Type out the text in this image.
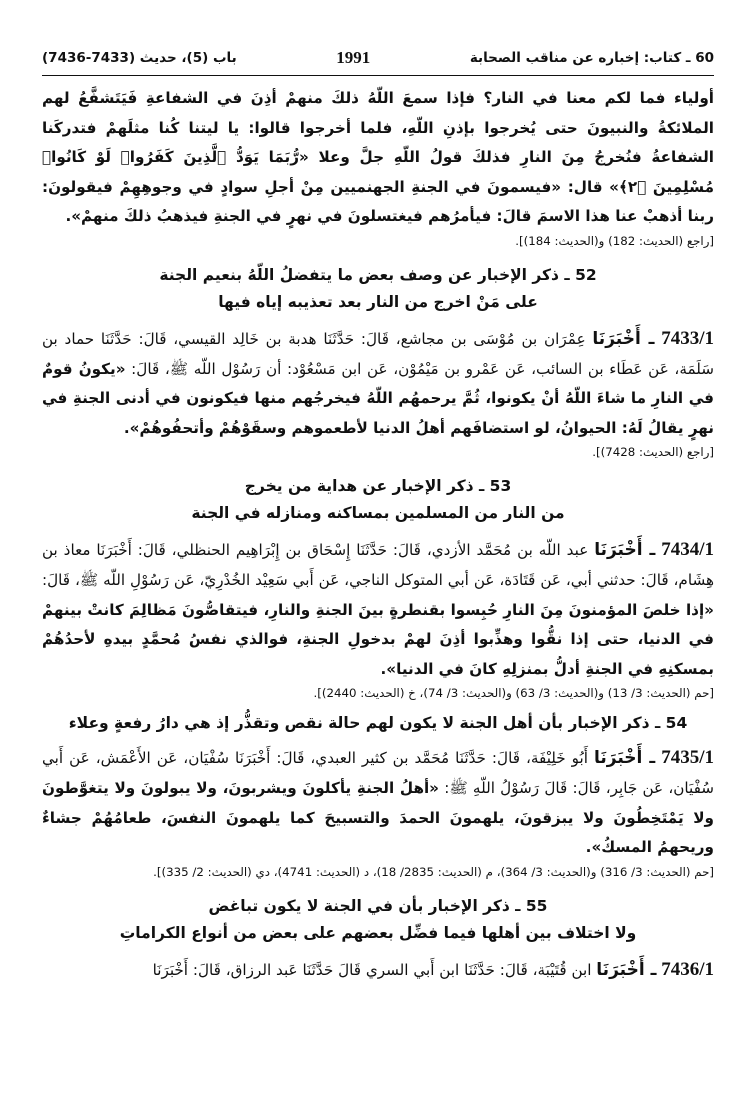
60 ـ كتاب: إخباره عن مناقب الصحابة
1991
باب (5)، حديث (7433-7436)

أولياء فما لكم معنا في النار؟ فإذا سمعَ اللّهُ ذلكَ منهمْ أذِنَ في الشفاعةِ فَيَتَشفَّعُ لهم الملائكةُ والنبيونَ حتى يُخرجوا بإذنِ اللّهِ، فلما أخرجوا قالوا: يا ليتنا كُنا مثلَهمْ فتدركَنا الشفاعةُ فنُخرجُ مِنَ النارِ فذلكَ قولُ اللّهِ جلَّ وعلا «رُّبَمَا يَوَدُّ ٱلَّذِينَ كَفَرُوا۟ لَوْ كَانُوا۟ مُسْلِمِينَ ﴿٢﴾» قال: «فيسمونَ في الجنةِ الجهنميين مِنْ أجلِ سوادٍ في وجوهِهِمْ فيقولونَ: ربنا أذهبْ عنا هذا الاسمَ قالَ: فيأمرُهم فيغتسلونَ في نهرٍ في الجنةِ فيذهبُ ذلكَ منهمْ».

[راجع (الحديث: 182) و(الحديث: 184)].

52 ـ ذكر الإخبار عن وصف بعض ما يتفضلُ اللّهُ بنعيم الجنة
على مَنْ اخرج من النار بعد تعذيبه إياه فيها

7433/1 ـ أَخْبَرَنَا عِمْرَان بن مُوْسَى بن مجاشع، قَالَ: حَدَّثَنَا هدبة بن خَالِد القيسي، قَالَ: حَدَّثَنَا حماد بن سَلَمَة، عَن عَطَاء بن السائب، عَن عَمْرو بن مَيْمُوْن، عَن ابن مَسْعُوْد: أن رَسُوْل اللّه ﷺ، قَالَ: «يكونُ قومٌ في النارِ ما شاءَ اللّهُ أنْ يكونوا، ثُمَّ يرحمهُم اللّهُ فيخرجُهم منها فيكونون في أدنى الجنةِ في نهرٍ يقالُ لَهُ: الحيوانُ، لو استضافَهم أهلُ الدنيا لأطعموهم وسقَوْهُمْ وأتحفُوهُمْ».

[راجع (الحديث: 7428)].

53 ـ ذكر الإخبار عن هداية من يخرج
من النار من المسلمين بمساكنه ومنازله في الجنة

7434/1 ـ أَخْبَرَنَا عبد اللّه بن مُحَمَّد الأزدي، قَالَ: حَدَّثَنَا إِسْحَاق بن إِبْرَاهِيم الحنظلي، قَالَ: أَخْبَرَنَا معاذ بن هِشَام، قَالَ: حدثني أبي، عَن قَتَادَة، عَن أبي المتوكل الناجي، عَن أَبي سَعِيْد الخُدْرِيّ، عَن رَسُوْلِ اللّه ﷺ، قَالَ: «إذا خلصَ المؤمنونَ مِنَ النارِ حُبِسوا بقنطرةٍ بينَ الجنةِ والنارِ، فيتقاصُّونَ مَظالِمَ كانتْ بينهمْ في الدنيا، حتى إذا نقُّوا وهذِّبوا أذِنَ لهمْ بدخولِ الجنةِ، فوالذي نفسُ مُحمَّدٍ بيدهِ لأحدُهُمْ بمسكنِهِ في الجنةِ أدلُّ بمنزلِهِ كانَ في الدنيا».

[حم (الحديث: 3/ 13) و(الحديث: 3/ 63) و(الحديث: 3/ 74)، خ (الحديث: 2440)].

54 ـ ذكر الإخبار بأن أهل الجنة لا يكون لهم حالة نقص وتقذُّر إذ هي دارُ رفعةٍ وعلاء

7435/1 ـ أَخْبَرَنَا أَبُو خَلِيْفَة، قَالَ: حَدَّثَنَا مُحَمَّد بن كثير العبدي، قَالَ: أَخْبَرَنَا سُفْيَان، عَن الأَعْمَش، عَن أَبي سُفْيَان، عَن جَابِر، قَالَ: قَالَ رَسُوْلُ اللّهِ ﷺ: «أهلُ الجنةِ يأكلونَ ويشربونَ، ولا يبولونَ ولا يتغوَّطونَ ولا يَمْتَخِطُونَ ولا يبزقونَ، يلهمونَ الحمدَ والتسبيحَ كما يلهمونَ النفسَ، طعامُهُمْ جشاءٌ وريحهمُ المسكُ».

[حم (الحديث: 3/ 316) و(الحديث: 3/ 364)، م (الحديث: 2835/ 18)، د (الحديث: 4741)، دي (الحديث: 2/ 335)].

55 ـ ذكر الإخبار بأن في الجنة لا يكون تباغض
ولا اختلاف بين أهلها فيما فضِّل بعضهم على بعض من أنواع الكراماتِ

7436/1 ـ أَخْبَرَنَا ابن قُتَيْبَة، قَالَ: حَدَّثَنَا ابن أَبي السري قَالَ حَدَّثَنَا عَبد الرزاق، قَالَ: أَخْبَرَنَا
